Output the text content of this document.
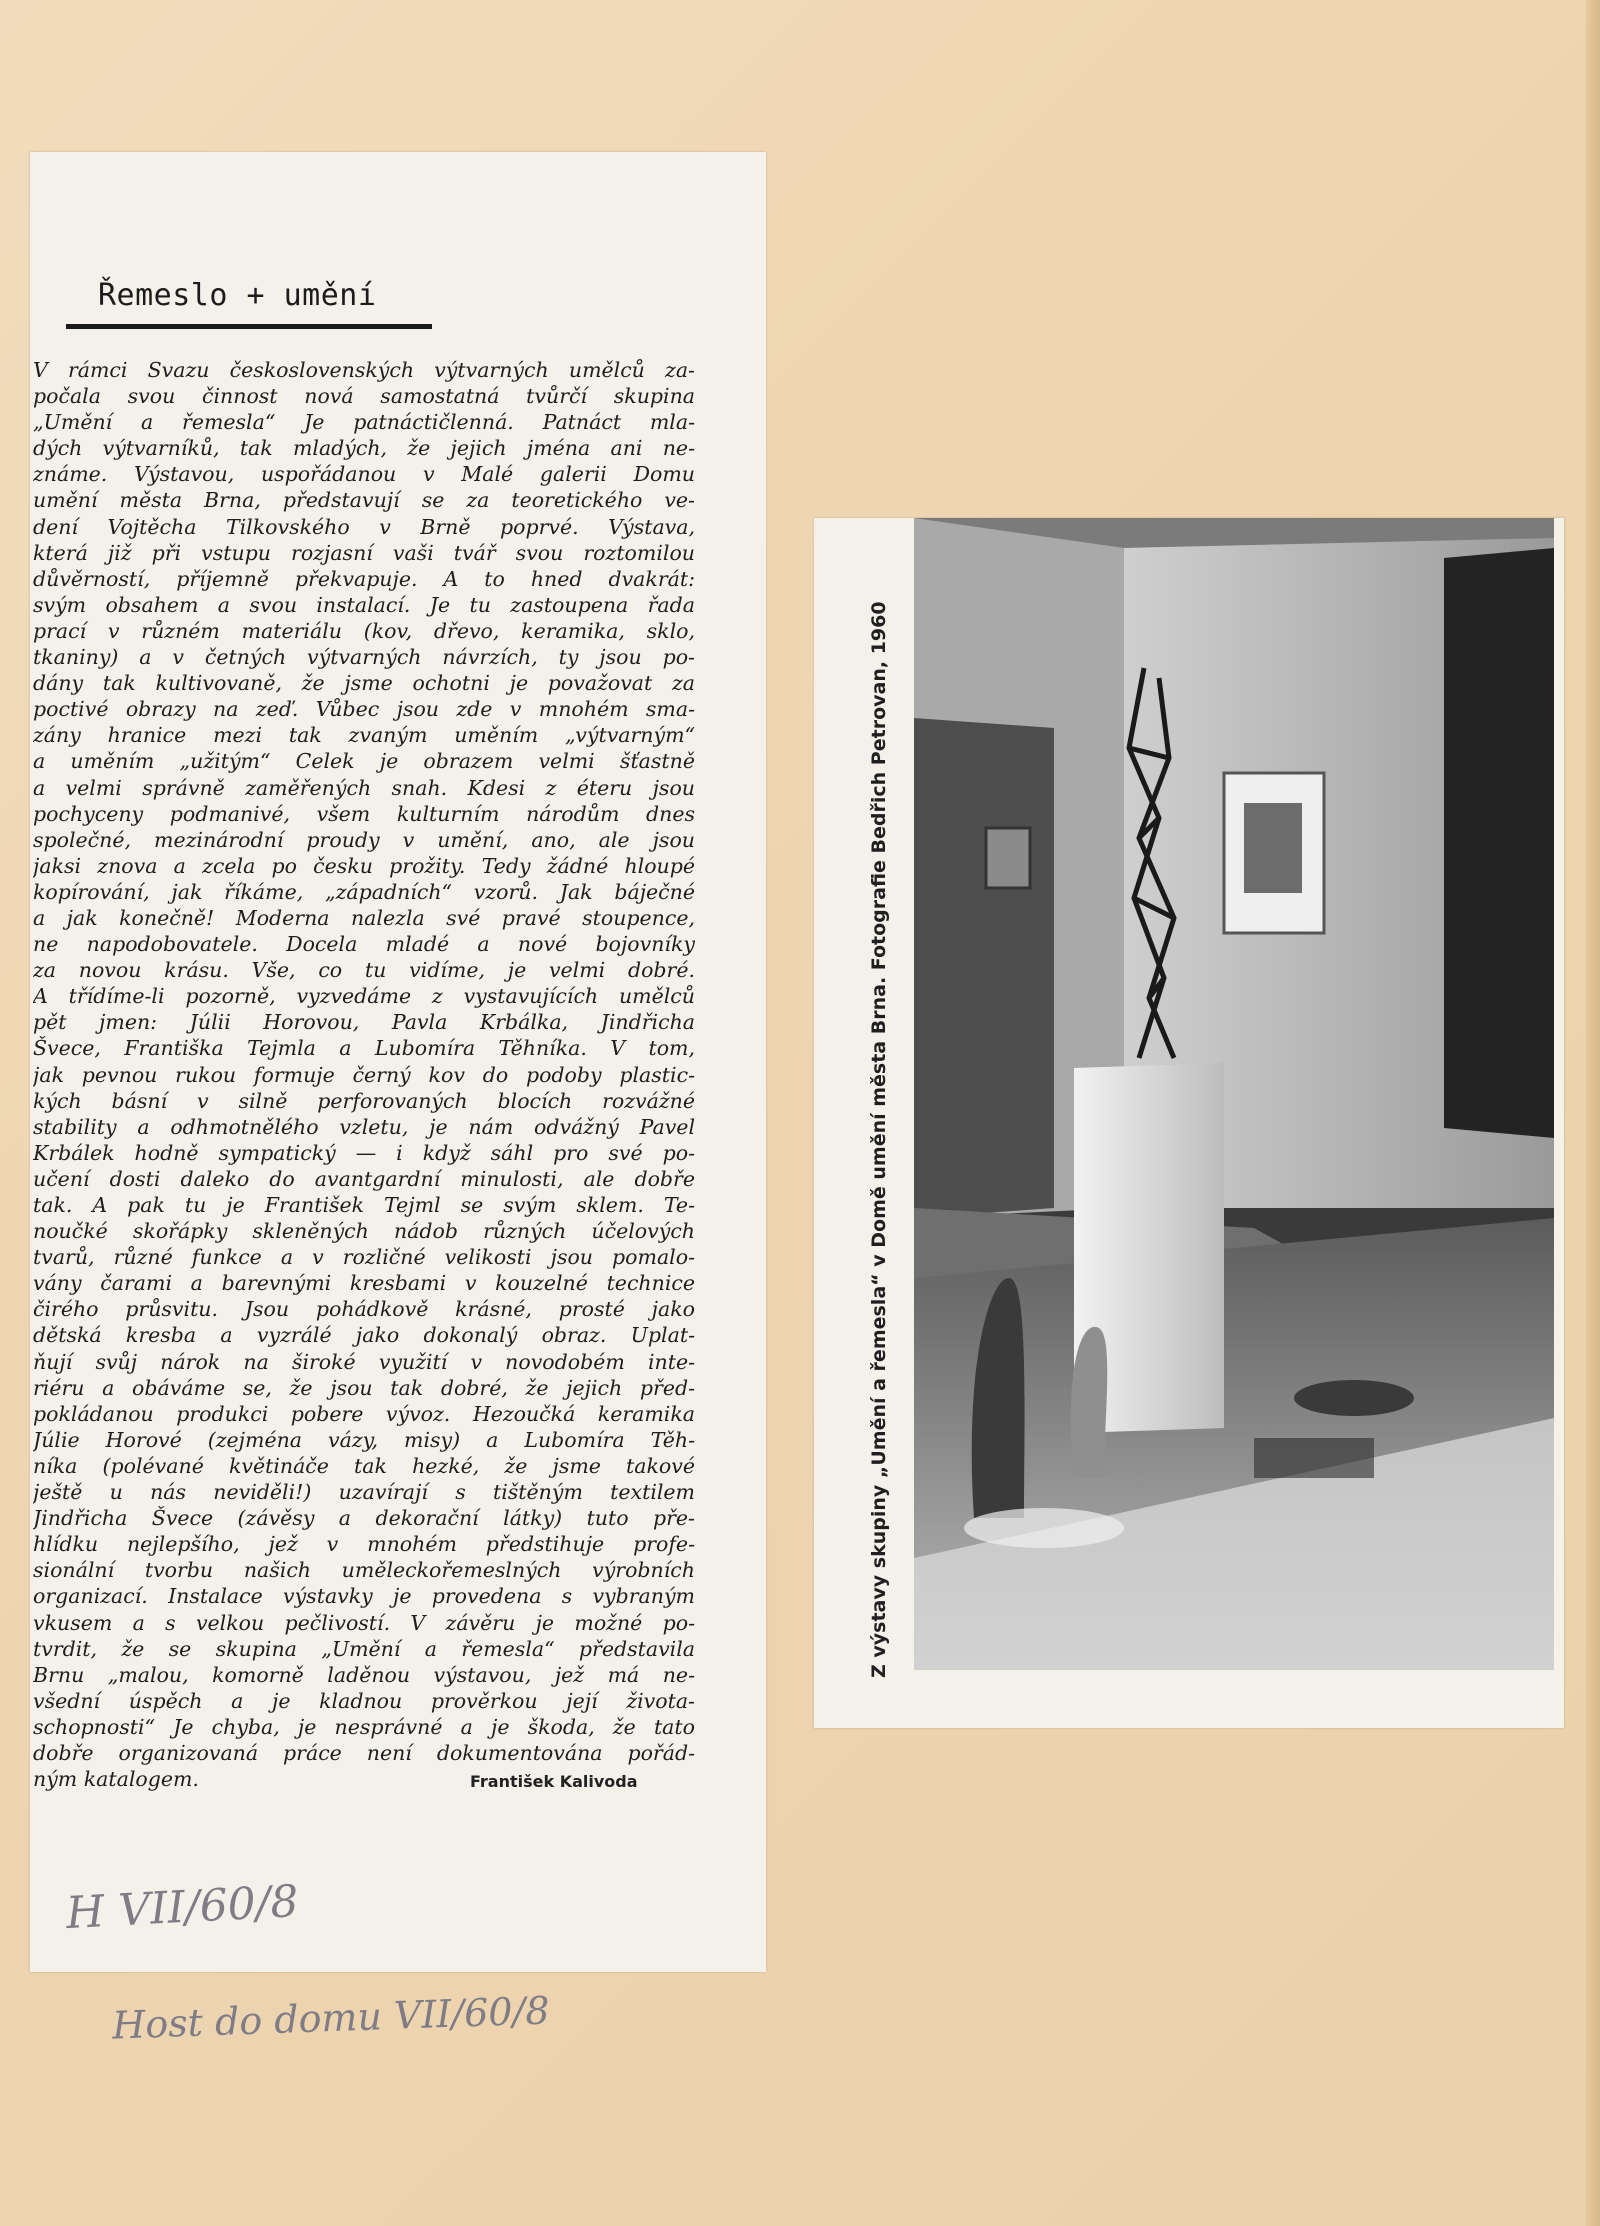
Řemeslo + umění
V rámci Svazu československých výtvarných umělců za-
počala svou činnost nová samostatná tvůrčí skupina
„Umění a řemesla“ Je patnáctičlenná. Patnáct mla-
dých výtvarníků, tak mladých, že jejich jména ani ne-
známe. Výstavou, uspořádanou v Malé galerii Domu
umění města Brna, představují se za teoretického ve-
dení Vojtěcha Tilkovského v Brně poprvé. Výstava,
která již při vstupu rozjasní vaši tvář svou roztomilou
důvěrností, příjemně překvapuje. A to hned dvakrát:
svým obsahem a svou instalací. Je tu zastoupena řada
prací v různém materiálu (kov, dřevo, keramika, sklo,
tkaniny) a v četných výtvarných návrzích, ty jsou po-
dány tak kultivovaně, že jsme ochotni je považovat za
poctivé obrazy na zeď. Vůbec jsou zde v mnohém sma-
zány hranice mezi tak zvaným uměním „výtvarným“
a uměním „užitým“ Celek je obrazem velmi šťastně
a velmi správně zaměřených snah. Kdesi z éteru jsou
pochyceny podmanivé, všem kulturním národům dnes
společné, mezinárodní proudy v umění, ano, ale jsou
jaksi znova a zcela po česku prožity. Tedy žádné hloupé
kopírování, jak říkáme, „západních“ vzorů. Jak báječné
a jak konečně! Moderna nalezla své pravé stoupence,
ne napodobovatele. Docela mladé a nové bojovníky
za novou krásu. Vše, co tu vidíme, je velmi dobré.
A třídíme-li pozorně, vyzvedáme z vystavujících umělců
pět jmen: Júlii Horovou, Pavla Krbálka, Jindřicha
Švece, Františka Tejmla a Lubomíra Těhníka. V tom,
jak pevnou rukou formuje černý kov do podoby plastic-
kých básní v silně perforovaných blocích rozvážné
stability a odhmotnělého vzletu, je nám odvážný Pavel
Krbálek hodně sympatický — i když sáhl pro své po-
učení dosti daleko do avantgardní minulosti, ale dobře
tak. A pak tu je František Tejml se svým sklem. Te-
noučké skořápky skleněných nádob různých účelových
tvarů, různé funkce a v rozličné velikosti jsou pomalo-
vány čarami a barevnými kresbami v kouzelné technice
čirého průsvitu. Jsou pohádkově krásné, prosté jako
dětská kresba a vyzrálé jako dokonalý obraz. Uplat-
ňují svůj nárok na široké využití v novodobém inte-
riéru a obáváme se, že jsou tak dobré, že jejich před-
pokládanou produkci pobere vývoz. Hezoučká keramika
Júlie Horové (zejména vázy, misy) a Lubomíra Těh-
níka (polévané květináče tak hezké, že jsme takové
ještě u nás neviděli!) uzavírají s tištěným textilem
Jindřicha Švece (závěsy a dekorační látky) tuto pře-
hlídku nejlepšího, jež v mnohém předstihuje profe-
sionální tvorbu našich uměleckořemeslných výrobních
organizací. Instalace výstavky je provedena s vybraným
vkusem a s velkou pečlivostí. V závěru je možné po-
tvrdit, že se skupina „Umění a řemesla“ představila
Brnu „malou, komorně laděnou výstavou, jež má ne-
všední úspěch a je kladnou prověrkou její života-
schopnosti“ Je chyba, je nesprávné a je škoda, že tato
dobře organizovaná práce není dokumentována pořád-
ným katalogem.	František Kalivoda
H VII/60/8
Host do domu VII/60/8
Z výstavy skupiny „Umění a řemesla“ v Domě umění města Brna. Fotografie Bedřich Petrovan, 1960
